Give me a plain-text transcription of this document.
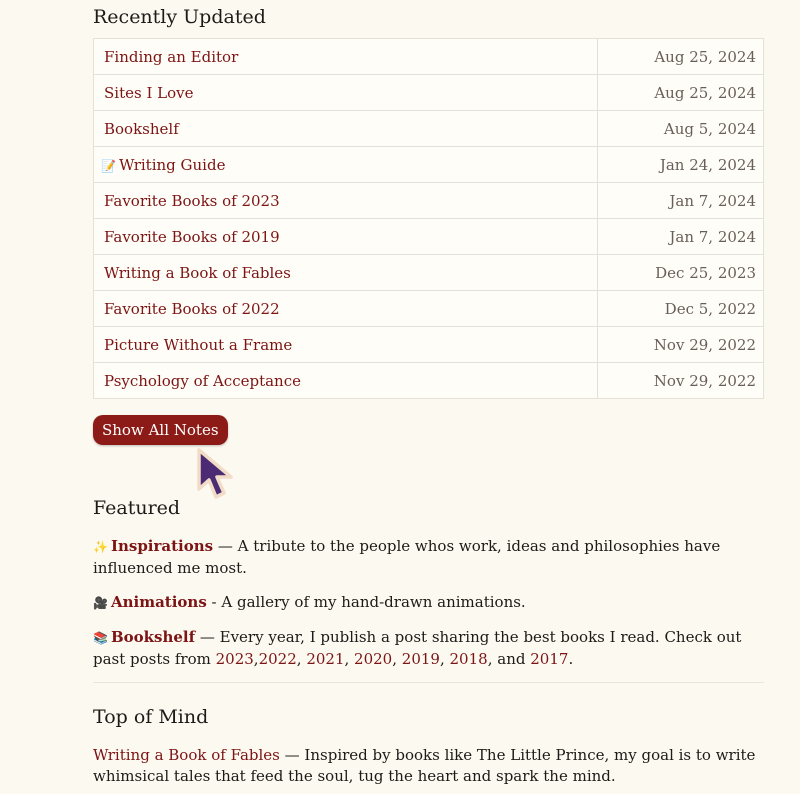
Recently Updated
Finding an Editor	Aug 25, 2024
Sites I Love	Aug 25, 2024
Bookshelf	Aug 5, 2024
📝 Writing Guide	Jan 24, 2024
Favorite Books of 2023	Jan 7, 2024
Favorite Books of 2019	Jan 7, 2024
Writing a Book of Fables	Dec 25, 2023
Favorite Books of 2022	Dec 5, 2022
Picture Without a Frame	Nov 29, 2022
Psychology of Acceptance	Nov 29, 2022
Show All Notes
Featured

✨ Inspirations — A tribute to the people whos work, ideas and philosophies have influenced me most.

🎥 Animations - A gallery of my hand-drawn animations.

📚 Bookshelf — Every year, I publish a post sharing the best books I read. Check out past posts from 2023,2022, 2021, 2020, 2019, 2018, and 2017.

Top of Mind

Writing a Book of Fables — Inspired by books like The Little Prince, my goal is to write whimsical tales that feed the soul, tug the heart and spark the mind.
